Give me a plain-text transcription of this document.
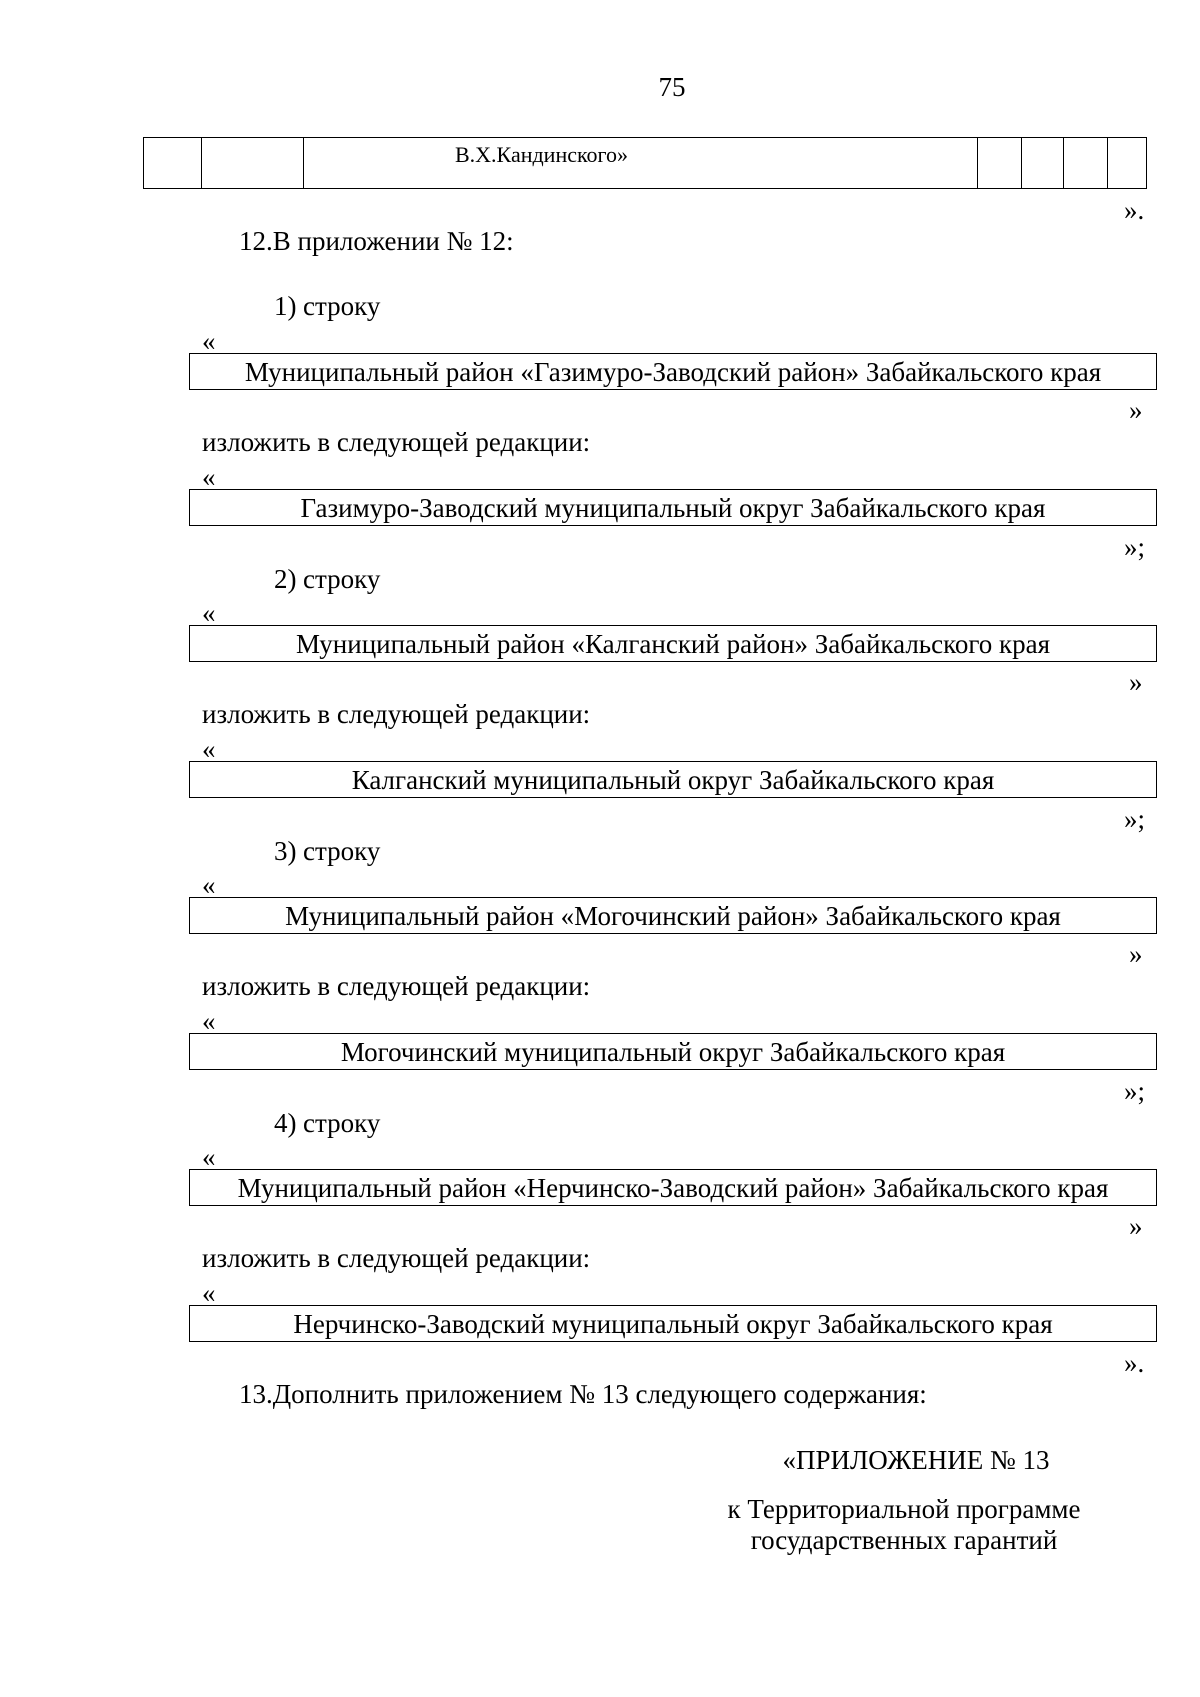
75
В.Х.Кандинского»
».
12.В приложении № 12:
1) строку
«
Муниципальный район «Газимуро-Заводский район» Забайкальского края
»
изложить в следующей редакции:
«
Газимуро-Заводский муниципальный округ Забайкальского края
»;
2) строку
«
Муниципальный район «Калганский район» Забайкальского края
»
изложить в следующей редакции:
«
Калганский муниципальный округ Забайкальского края
»;
3) строку
«
Муниципальный район «Могочинский район» Забайкальского края
»
изложить в следующей редакции:
«
Могочинский муниципальный округ Забайкальского края
»;
4) строку
«
Муниципальный район «Нерчинско-Заводский район» Забайкальского края
»
изложить в следующей редакции:
«
Нерчинско-Заводский муниципальный округ Забайкальского края
».
13.Дополнить приложением № 13 следующего содержания:
«ПРИЛОЖЕНИЕ № 13
к Территориальной программе
государственных гарантий
